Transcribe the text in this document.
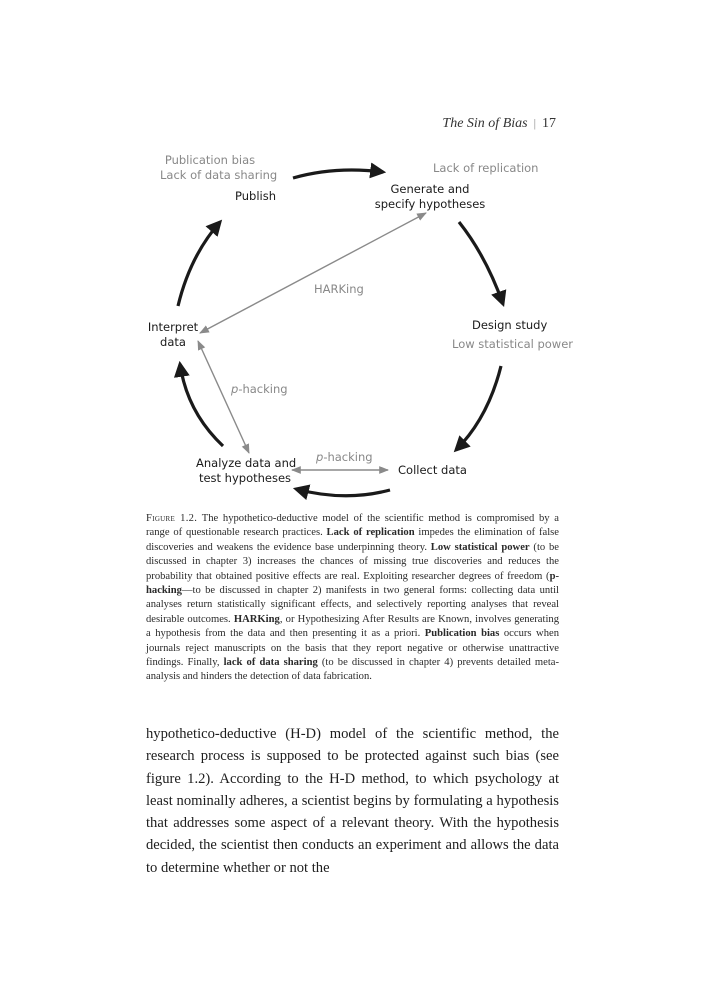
The Sin of Bias | 17
Publication bias
Lack of data sharing
Publish
Lack of replication
Generate and
specify hypotheses
HARKing
Interpret
data
Design study
Low statistical power
p-hacking
p-hacking
Analyze data and
test hypotheses
Collect data

Figure 1.2. The hypothetico-deductive model of the scientific method is compromised by a range of questionable research practices. Lack of replication impedes the elimination of false discoveries and weakens the evidence base underpinning theory. Low statistical power (to be discussed in chapter 3) increases the chances of missing true discoveries and reduces the probability that obtained positive effects are real. Exploiting researcher degrees of freedom (p-hacking—to be discussed in chapter 2) manifests in two general forms: collecting data until analyses return statistically significant effects, and selectively reporting analyses that reveal desirable outcomes. HARKing, or Hypothesizing After Results are Known, involves generating a hypothesis from the data and then presenting it as a priori. Publication bias occurs when journals reject manuscripts on the basis that they report negative or otherwise unattractive findings. Finally, lack of data sharing (to be discussed in chapter 4) prevents detailed meta-analysis and hinders the detection of data fabrication.

hypothetico-deductive (H-D) model of the scientific method, the research process is supposed to be protected against such bias (see figure 1.2). According to the H-D method, to which psychology at least nominally adheres, a scientist begins by formulating a hypothesis that addresses some aspect of a relevant theory. With the hypothesis decided, the scientist then conducts an experiment and allows the data to determine whether or not the
